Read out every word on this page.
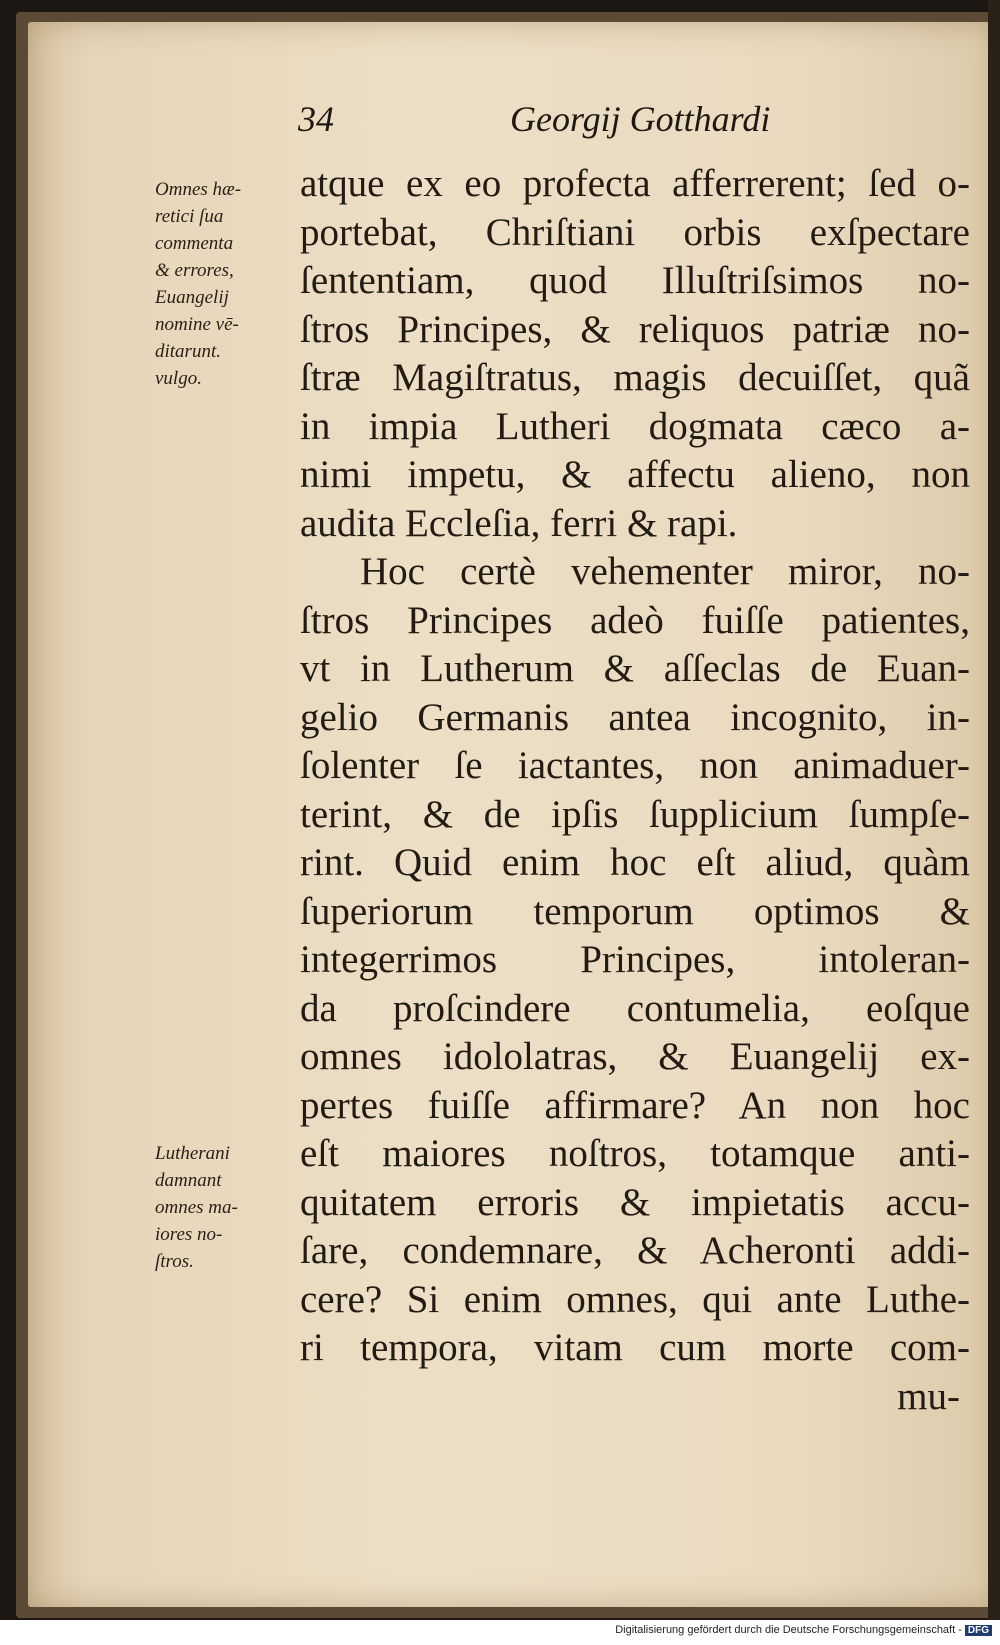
34	Georgij Gotthardi
Omnes hæ-
retici ſua
commenta
& errores,
Euangelij
nomine vē-
ditarunt.
vulgo.
Lutherani
damnant
omnes ma-
iores no-
ſtros.
atque ex eo profecta afferrerent; ſed o-
portebat, Chriſtiani orbis exſpectare
ſententiam, quod Illuſtriſsimos no-
ſtros Principes, & reliquos patriæ no-
ſtræ Magiſtratus, magis decuiſſet, quã
in impia Lutheri dogmata cæco a-
nimi impetu, & affectu alieno, non
audita Eccleſia, ferri & rapi.
Hoc certè vehementer miror, no-
ſtros Principes adeò fuiſſe patientes,
vt in Lutherum & aſſeclas de Euan-
gelio Germanis antea incognito, in-
ſolenter ſe iactantes, non animaduer-
terint, & de ipſis ſupplicium ſumpſe-
rint. Quid enim hoc eſt aliud, quàm
ſuperiorum temporum optimos &
integerrimos Principes, intoleran-
da proſcindere contumelia, eoſque
omnes idololatras, & Euangelij ex-
pertes fuiſſe affirmare? An non hoc
eſt maiores noſtros, totamque anti-
quitatem erroris & impietatis accu-
ſare, condemnare, & Acheronti addi-
cere? Si enim omnes, qui ante Luthe-
ri tempora, vitam cum morte com-
mu-
Digitalisierung gefördert durch die Deutsche Forschungsgemeinschaft - DFG
